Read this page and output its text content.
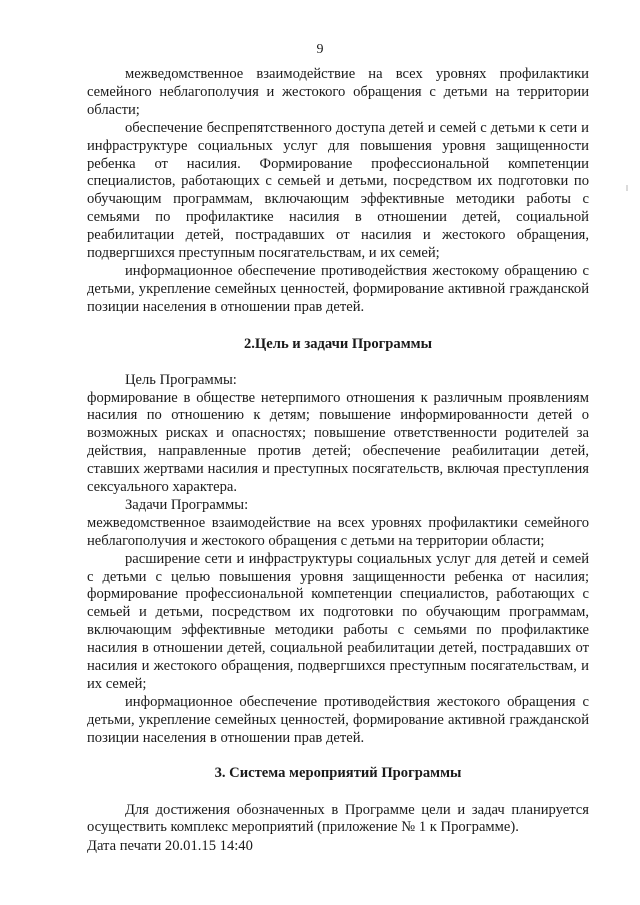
9

межведомственное взаимодействие на всех уровнях профилактики семейного неблагополучия и жестокого обращения с детьми на территории области;

обеспечение беспрепятственного доступа детей и семей с детьми к сети и инфраструктуре социальных услуг для повышения уровня защищенности ребенка от насилия. Формирование профессиональной компетенции специалистов, работающих с семьей и детьми, посредством их подготовки по обучающим программам, включающим эффективные методики работы с семьями по профилактике насилия в отношении детей, социальной реабилитации детей, пострадавших от насилия и жестокого обращения, подвергшихся преступным посягательствам, и их семей;

информационное обеспечение противодействия жестокому обращению с детьми, укрепление семейных ценностей, формирование активной гражданской позиции населения в отношении прав детей.

2.Цель и задачи Программы

Цель Программы:

формирование в обществе нетерпимого отношения к различным проявлениям насилия по отношению к детям; повышение информированности детей о возможных рисках и опасностях; повышение ответственности родителей за действия, направленные против детей; обеспечение реабилитации детей, ставших жертвами насилия и преступных посягательств, включая преступления сексуального характера.

Задачи Программы:

межведомственное взаимодействие на всех уровнях профилактики семейного неблагополучия и жестокого обращения с детьми на территории области;

расширение сети и инфраструктуры социальных услуг для детей и семей с детьми с целью повышения уровня защищенности ребенка от насилия; формирование профессиональной компетенции специалистов, работающих с семьей и детьми, посредством их подготовки по обучающим программам, включающим эффективные методики работы с семьями по профилактике насилия в отношении детей, социальной реабилитации детей, пострадавших от насилия и жестокого обращения, подвергшихся преступным посягательствам, и их семей;

информационное обеспечение противодействия жестокого обращения с детьми, укрепление семейных ценностей, формирование активной гражданской позиции населения в отношении прав детей.

3. Система мероприятий Программы

Для достижения обозначенных в Программе цели и задач планируется осуществить комплекс мероприятий (приложение № 1 к Программе).

Дата печати 20.01.15 14:40
